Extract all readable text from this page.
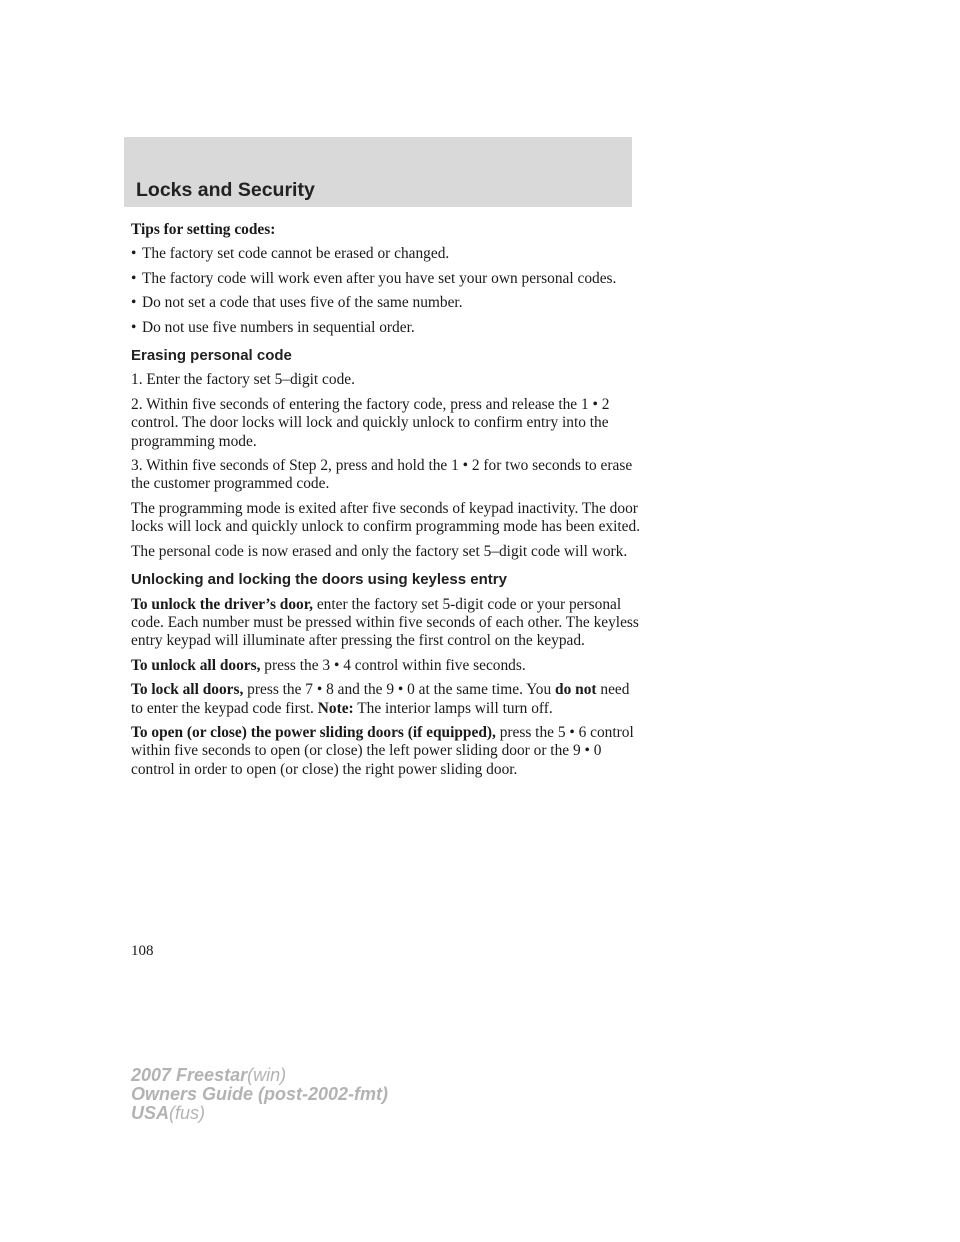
Locks and Security

Tips for setting codes:

• The factory set code cannot be erased or changed.
• The factory code will work even after you have set your own personal codes.
• Do not set a code that uses five of the same number.
• Do not use five numbers in sequential order.
Erasing personal code

1. Enter the factory set 5–digit code.

2. Within five seconds of entering the factory code, press and release the 1 • 2 control. The door locks will lock and quickly unlock to confirm entry into the programming mode.

3. Within five seconds of Step 2, press and hold the 1 • 2 for two seconds to erase the customer programmed code.

The programming mode is exited after five seconds of keypad inactivity. The door locks will lock and quickly unlock to confirm programming mode has been exited.

The personal code is now erased and only the factory set 5–digit code will work.

Unlocking and locking the doors using keyless entry

To unlock the driver’s door, enter the factory set 5-digit code or your personal code. Each number must be pressed within five seconds of each other. The keyless entry keypad will illuminate after pressing the first control on the keypad.

To unlock all doors, press the 3 • 4 control within five seconds.

To lock all doors, press the 7 • 8 and the 9 • 0 at the same time. You do not need to enter the keypad code first. Note: The interior lamps will turn off.

To open (or close) the power sliding doors (if equipped), press the 5 • 6 control within five seconds to open (or close) the left power sliding door or the 9 • 0 control in order to open (or close) the right power sliding door.

108

2007 Freestar(win)
Owners Guide (post-2002-fmt)
USA(fus)
